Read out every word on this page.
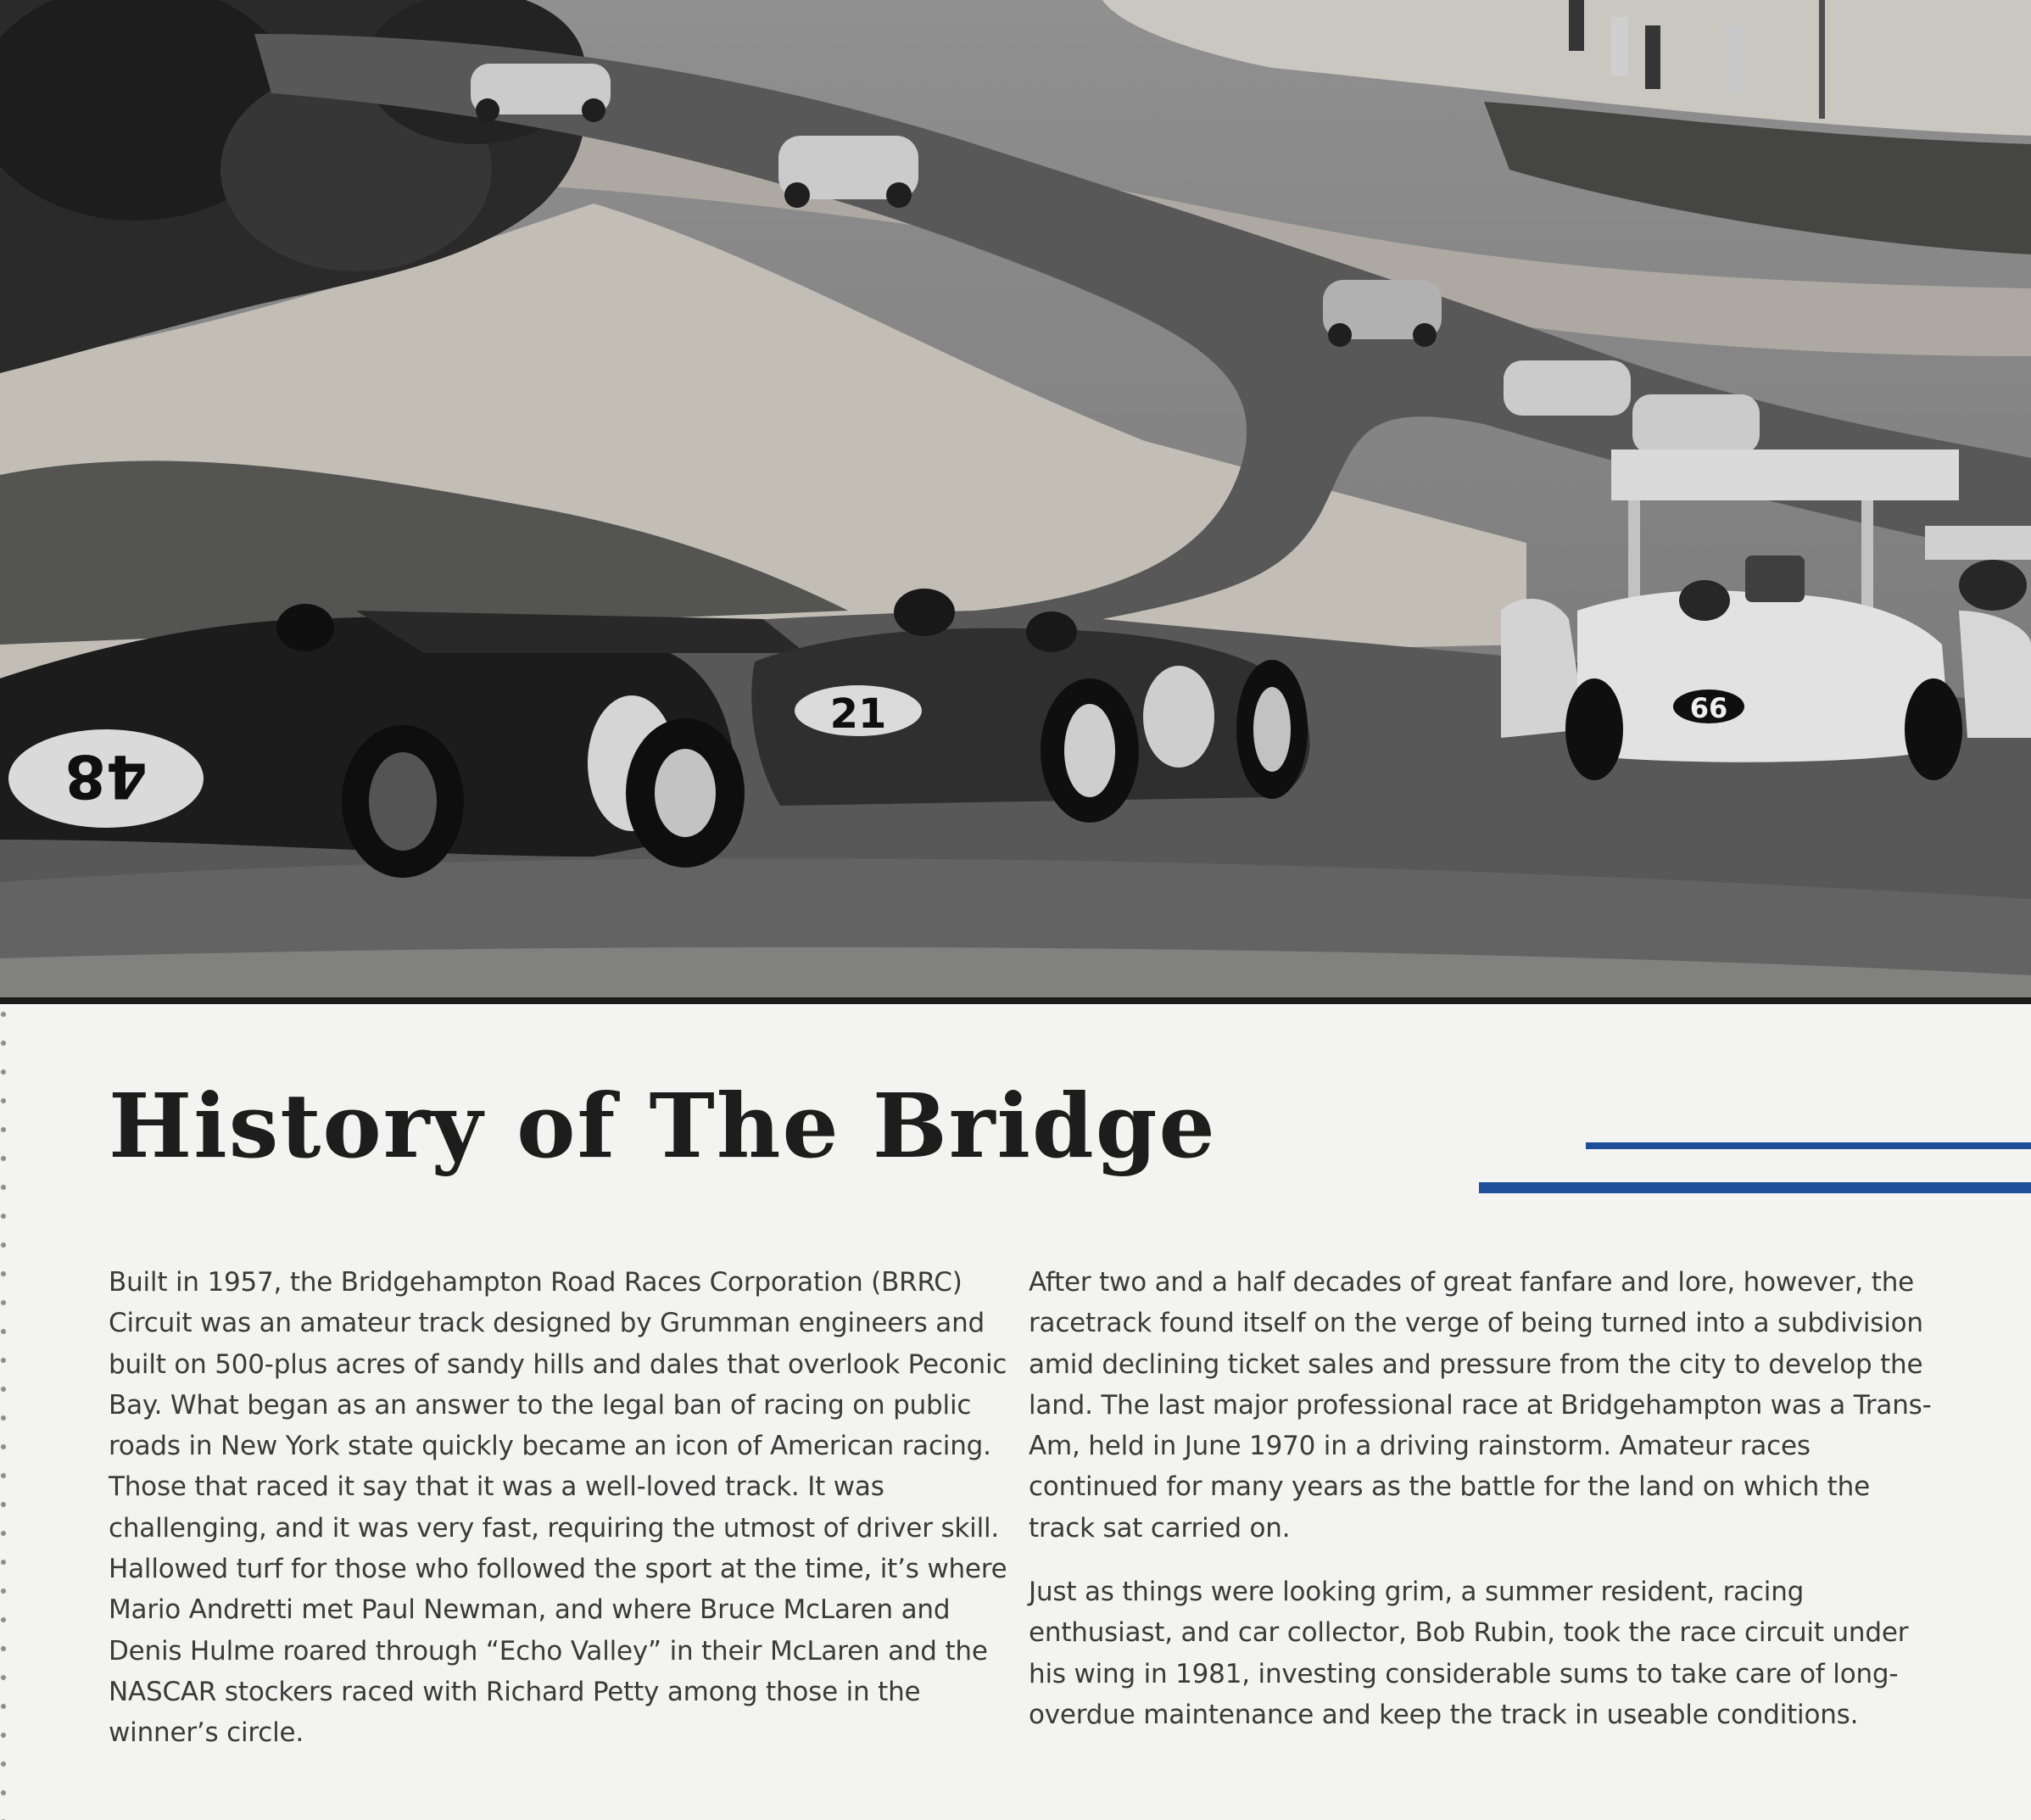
48
21	66
History of The Bridge

Built in 1957, the Bridgehampton Road Races Corporation (BRRC) Circuit was an amateur track designed by Grumman engineers and built on 500-plus acres of sandy hills and dales that overlook Peconic Bay. What began as an answer to the legal ban of racing on public roads in New York state quickly became an icon of American racing. Those that raced it say that it was a well-loved track. It was challenging, and it was very fast, requiring the utmost of driver skill. Hallowed turf for those who followed the sport at the time, it’s where Mario Andretti met Paul Newman, and where Bruce McLaren and Denis Hulme roared through “Echo Valley” in their McLaren and the NASCAR stockers raced with Richard Petty among those in the winner’s circle.

After two and a half decades of great fanfare and lore, however, the racetrack found itself on the verge of being turned into a subdivision amid declining ticket sales and pressure from the city to develop the land. The last major professional race at Bridgehampton was a Trans-Am, held in June 1970 in a driving rainstorm. Amateur races continued for many years as the battle for the land on which the track sat carried on.

Just as things were looking grim, a summer resident, racing enthusiast, and car collector, Bob Rubin, took the race circuit under his wing in 1981, investing considerable sums to take care of long-overdue maintenance and keep the track in useable conditions.
